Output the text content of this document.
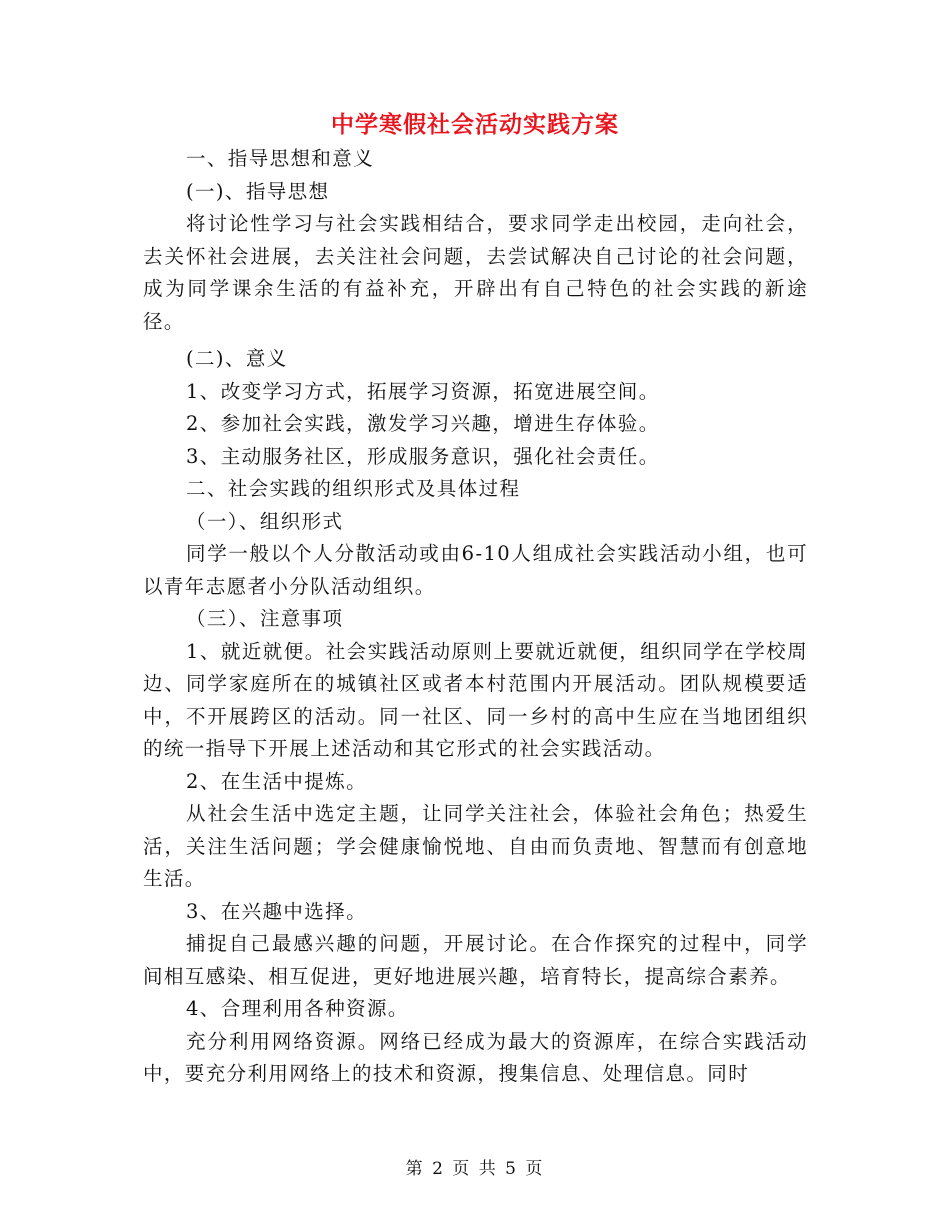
中学寒假社会活动实践方案

一、指导思想和意义

(一)、指导思想

将讨论性学习与社会实践相结合，要求同学走出校园，走向社会，去关怀社会进展，去关注社会问题，去尝试解决自己讨论的社会问题，成为同学课余生活的有益补充，开辟出有自己特色的社会实践的新途径。

(二)、意义

1、改变学习方式，拓展学习资源，拓宽进展空间。

2、参加社会实践，激发学习兴趣，增进生存体验。

3、主动服务社区，形成服务意识，强化社会责任。

二、社会实践的组织形式及具体过程

（一）、组织形式

同学一般以个人分散活动或由6-10人组成社会实践活动小组，也可以青年志愿者小分队活动组织。

（三）、注意事项

1、就近就便。社会实践活动原则上要就近就便，组织同学在学校周边、同学家庭所在的城镇社区或者本村范围内开展活动。团队规模要适中，不开展跨区的活动。同一社区、同一乡村的高中生应在当地团组织的统一指导下开展上述活动和其它形式的社会实践活动。

2、在生活中提炼。

从社会生活中选定主题，让同学关注社会，体验社会角色；热爱生活，关注生活问题；学会健康愉悦地、自由而负责地、智慧而有创意地生活。

3、在兴趣中选择。

捕捉自己最感兴趣的问题，开展讨论。在合作探究的过程中，同学间相互感染、相互促进，更好地进展兴趣，培育特长，提高综合素养。

4、合理利用各种资源。

充分利用网络资源。网络已经成为最大的资源库，在综合实践活动中，要充分利用网络上的技术和资源，搜集信息、处理信息。同时

第 2 页 共 5 页
